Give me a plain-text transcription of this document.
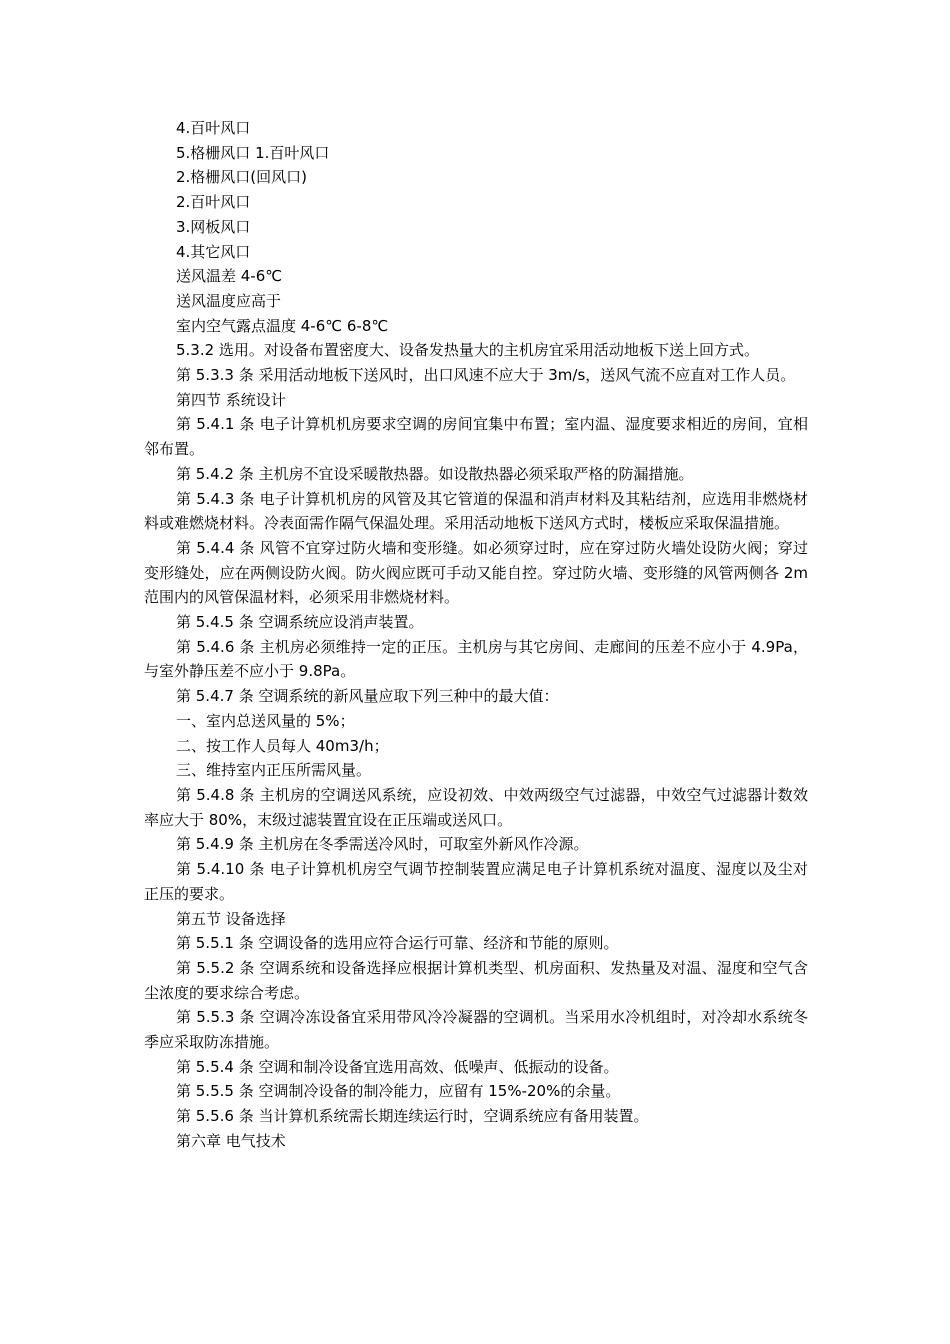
4.百叶风口

5.格栅风口 1.百叶风口

2.格栅风口(回风口)

2.百叶风口

3.网板风口

4.其它风口

送风温差 4-6℃

送风温度应高于

室内空气露点温度 4-6℃ 6-8℃

5.3.2 选用。对设备布置密度大、设备发热量大的主机房宜采用活动地板下送上回方式。

第 5.3.3 条 采用活动地板下送风时，出口风速不应大于 3m/s，送风气流不应直对工作人员。

第四节 系统设计

第 5.4.1 条 电子计算机机房要求空调的房间宜集中布置；室内温、湿度要求相近的房间，宜相邻布置。

第 5.4.2 条 主机房不宜设采暖散热器。如设散热器必须采取严格的防漏措施。

第 5.4.3 条 电子计算机机房的风管及其它管道的保温和消声材料及其粘结剂，应选用非燃烧材料或难燃烧材料。冷表面需作隔气保温处理。采用活动地板下送风方式时，楼板应采取保温措施。

第 5.4.4 条 风管不宜穿过防火墙和变形缝。如必须穿过时，应在穿过防火墙处设防火阀；穿过变形缝处，应在两侧设防火阀。防火阀应既可手动又能自控。穿过防火墙、变形缝的风管两侧各 2m 范围内的风管保温材料，必须采用非燃烧材料。

第 5.4.5 条 空调系统应设消声装置。

第 5.4.6 条 主机房必须维持一定的正压。主机房与其它房间、走廊间的压差不应小于 4.9Pa，与室外静压差不应小于 9.8Pa。

第 5.4.7 条 空调系统的新风量应取下列三种中的最大值：

一、室内总送风量的 5%；

二、按工作人员每人 40m3/h；

三、维持室内正压所需风量。

第 5.4.8 条 主机房的空调送风系统，应设初效、中效两级空气过滤器，中效空气过滤器计数效率应大于 80%，末级过滤装置宜设在正压端或送风口。

第 5.4.9 条 主机房在冬季需送冷风时，可取室外新风作冷源。

第 5.4.10 条 电子计算机机房空气调节控制装置应满足电子计算机系统对温度、湿度以及尘对正压的要求。

第五节 设备选择

第 5.5.1 条 空调设备的选用应符合运行可靠、经济和节能的原则。

第 5.5.2 条 空调系统和设备选择应根据计算机类型、机房面积、发热量及对温、湿度和空气含尘浓度的要求综合考虑。

第 5.5.3 条 空调冷冻设备宜采用带风冷冷凝器的空调机。当采用水冷机组时，对冷却水系统冬季应采取防冻措施。

第 5.5.4 条 空调和制冷设备宜选用高效、低噪声、低振动的设备。

第 5.5.5 条 空调制冷设备的制冷能力，应留有 15%-20%的余量。

第 5.5.6 条 当计算机系统需长期连续运行时，空调系统应有备用装置。

第六章 电气技术
